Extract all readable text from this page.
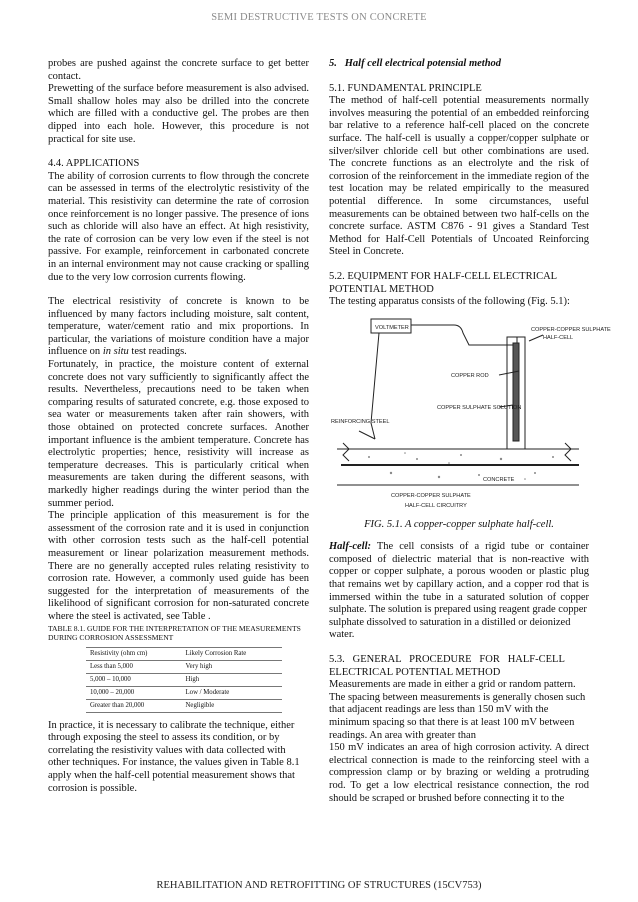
SEMI DESTRUCTIVE TESTS ON CONCRETE

probes are pushed against the concrete surface to get better contact.

Prewetting of the surface before measurement is also advised. Small shallow holes may also be drilled into the concrete which are filled with a conductive gel. The probes are then dipped into each hole. However, this procedure is not practical for site use.

4.4. APPLICATIONS

The ability of corrosion currents to flow through the concrete can be assessed in terms of the electrolytic resistivity of the material. This resistivity can determine the rate of corrosion once reinforcement is no longer passive. The presence of ions such as chloride will also have an effect. At high resistivity, the rate of corrosion can be very low even if the steel is not passive. For example, reinforcement in carbonated concrete in an internal environment may not cause cracking or spalling due to the very low corrosion currents flowing.

The electrical resistivity of concrete is known to be influenced by many factors including moisture, salt content, temperature, water/cement ratio and mix proportions. In particular, the variations of moisture condition have a major influence on in situ test readings.

Fortunately, in practice, the moisture content of external concrete does not vary sufficiently to significantly affect the results. Nevertheless, precautions need to be taken when comparing results of saturated concrete, e.g. those exposed to sea water or measurements taken after rain showers, with those obtained on protected concrete surfaces. Another important influence is the ambient temperature. Concrete has electrolytic properties; hence, resistivity will increase as temperature decreases. This is particularly critical when measurements are taken during the different seasons, with markedly higher readings during the winter period than the summer period.

The principle application of this measurement is for the assessment of the corrosion rate and it is used in conjunction with other corrosion tests such as the half-cell potential measurement or linear polarization measurement methods. There are no generally accepted rules relating resistivity to corrosion rate. However, a commonly used guide has been suggested for the interpretation of measurements of the likelihood of significant corrosion for non-saturated concrete where the steel is activated, see Table .

TABLE 8.1. GUIDE FOR THE INTERPRETATION OF THE MEASUREMENTS DURING CORROSION ASSESSMENT

Resistivity (ohm cm)	Likely Corrosion Rate
Less than 5,000	Very high
5,000 – 10,000	High
10,000 – 20,000	Low / Moderate
Greater than 20,000	Negligible

In practice, it is necessary to calibrate the technique, either through exposing the steel to assess its condition, or by correlating the resistivity values with data collected with other techniques. For instance, the values given in Table 8.1 apply when the half-cell potential measurement shows that corrosion is possible.

5. Half cell electrical potensial method

5.1. FUNDAMENTAL PRINCIPLE

The method of half-cell potential measurements normally involves measuring the potential of an embedded reinforcing bar relative to a reference half-cell placed on the concrete surface. The half-cell is usually a copper/copper sulphate or silver/silver chloride cell but other combinations are used. The concrete functions as an electrolyte and the risk of corrosion of the reinforcement in the immediate region of the test location may be related empirically to the measured potential difference. In some circumstances, useful measurements can be obtained between two half-cells on the concrete surface. ASTM C876 - 91 gives a Standard Test Method for Half-Cell Potentials of Uncoated Reinforcing Steel in Concrete.

5.2. EQUIPMENT FOR HALF-CELL ELECTRICAL

POTENTIAL METHOD

The testing apparatus consists of the following (Fig. 5.1):

VOLTMETER	COPPER-COPPER SULPHATE
HALF-CELL
COPPER ROD
COPPER SULPHATE SOLUTION
REINFORCING STEEL
CONCRETE
COPPER-COPPER SULPHATE
HALF-CELL CIRCUITRY

FIG. 5.1. A copper-copper sulphate half-cell.

Half-cell: The cell consists of a rigid tube or container composed of dielectric material that is non-reactive with copper or copper sulphate, a porous wooden or plastic plug that remains wet by capillary action, and a copper rod that is immersed within the tube in a saturated solution of copper sulphate. The solution is prepared using reagent grade copper

sulphate dissolved to saturation in a distilled or deionized water.

5.3.   GENERAL   PROCEDURE   FOR   HALF-CELL

ELECTRICAL POTENTIAL METHOD

Measurements are made in either a grid or random pattern. The spacing between measurements is generally chosen such that adjacent readings are less than 150 mV with the minimum spacing so that there is at least 100 mV between readings. An area with greater than

150 mV indicates an area of high corrosion activity. A direct electrical connection is made to the reinforcing steel with a compression clamp or by brazing or welding a protruding rod. To get a low electrical resistance connection, the rod should be scraped or brushed before connecting it to the

REHABILITATION AND RETROFITTING OF STRUCTURES (15CV753)
